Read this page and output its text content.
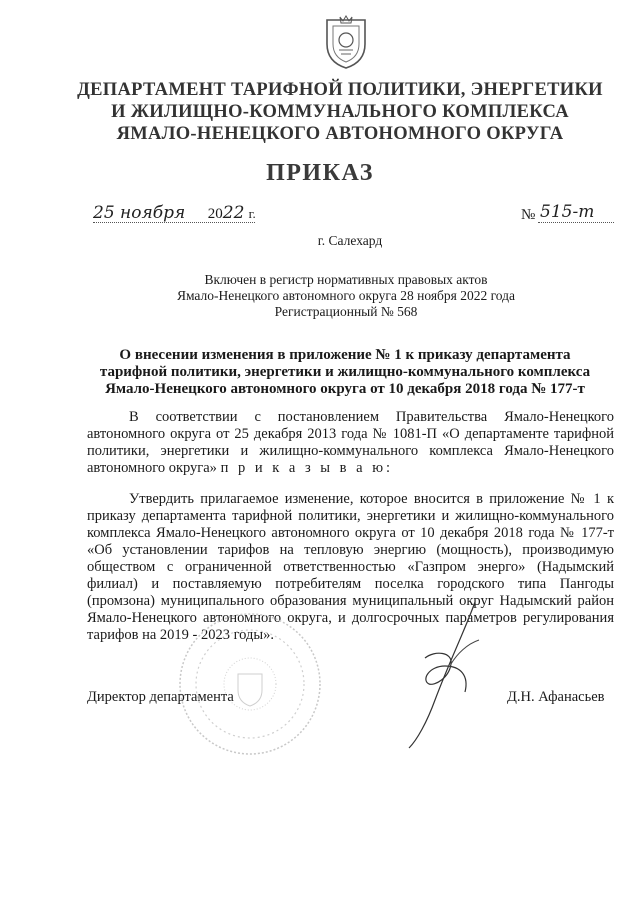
ДЕПАРТАМЕНТ ТАРИФНОЙ ПОЛИТИКИ, ЭНЕРГЕТИКИ
И ЖИЛИЩНО-КОММУНАЛЬНОГО КОМПЛЕКСА
ЯМАЛО-НЕНЕЦКОГО АВТОНОМНОГО ОКРУГА
ПРИКАЗ
25 ноября 2022 г.	№ 515-т
г. Салехард
Включен в регистр нормативных правовых актов
Ямало-Ненецкого автономного округа 28 ноября 2022 года
Регистрационный № 568
О внесении изменения в приложение № 1 к приказу департамента
тарифной политики, энергетики и жилищно-коммунального комплекса
Ямало-Ненецкого автономного округа от 10 декабря 2018 года № 177-т
В соответствии с постановлением Правительства Ямало-Ненецкого автономного округа от 25 декабря 2013 года № 1081-П «О департаменте тарифной политики, энергетики и жилищно-коммунального комплекса Ямало-Ненецкого автономного округа» п р и к а з ы в а ю:
Утвердить прилагаемое изменение, которое вносится в приложение № 1 к приказу департамента тарифной политики, энергетики и жилищно-коммунального комплекса Ямало-Ненецкого автономного округа от 10 декабря 2018 года № 177-т «Об установлении тарифов на тепловую энергию (мощность), производимую обществом с ограниченной ответственностью «Газпром энерго» (Надымский филиал) и поставляемую потребителям поселка городского типа Пангоды (промзона) муниципального образования муниципальный округ Надымский район Ямало-Ненецкого автономного округа, и долгосрочных параметров регулирования тарифов на 2019 - 2023 годы».
Директор департамента	Д.Н. Афанасьев
